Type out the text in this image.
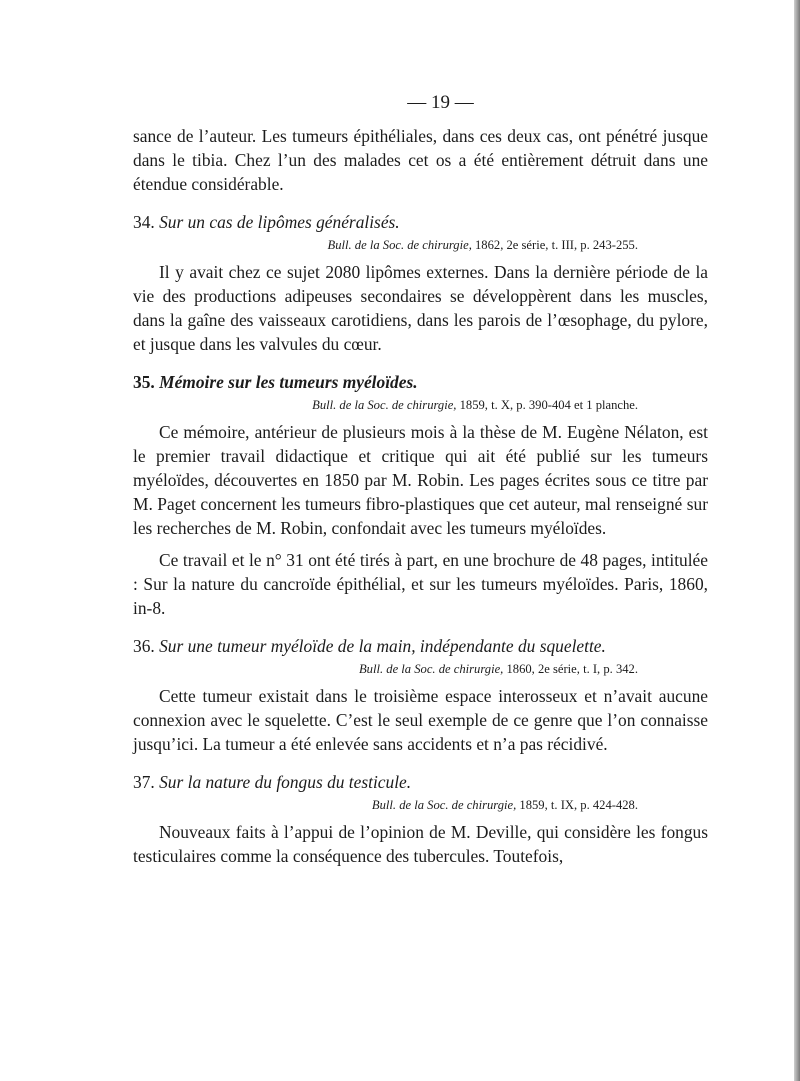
— 19 —

sance de l’auteur. Les tumeurs épithéliales, dans ces deux cas, ont pénétré jusque dans le tibia. Chez l’un des malades cet os a été entièrement détruit dans une étendue considérable.

34. Sur un cas de lipômes généralisés.
Bull. de la Soc. de chirurgie, 1862, 2e série, t. III, p. 243-255.

Il y avait chez ce sujet 2080 lipômes externes. Dans la dernière période de la vie des productions adipeuses secondaires se développèrent dans les muscles, dans la gaîne des vaisseaux carotidiens, dans les parois de l’œsophage, du pylore, et jusque dans les valvules du cœur.

35. Mémoire sur les tumeurs myéloïdes.
Bull. de la Soc. de chirurgie, 1859, t. X, p. 390-404 et 1 planche.

Ce mémoire, antérieur de plusieurs mois à la thèse de M. Eugène Nélaton, est le premier travail didactique et critique qui ait été publié sur les tumeurs myéloïdes, découvertes en 1850 par M. Robin. Les pages écrites sous ce titre par M. Paget concernent les tumeurs fibro-plastiques que cet auteur, mal renseigné sur les recherches de M. Robin, confondait avec les tumeurs myéloïdes.

Ce travail et le n° 31 ont été tirés à part, en une brochure de 48 pages, intitulée : Sur la nature du cancroïde épithélial, et sur les tumeurs myéloïdes. Paris, 1860, in-8.

36. Sur une tumeur myéloïde de la main, indépendante du squelette.
Bull. de la Soc. de chirurgie, 1860, 2e série, t. I, p. 342.

Cette tumeur existait dans le troisième espace interosseux et n’avait aucune connexion avec le squelette. C’est le seul exemple de ce genre que l’on connaisse jusqu’ici. La tumeur a été enlevée sans accidents et n’a pas récidivé.

37. Sur la nature du fongus du testicule.
Bull. de la Soc. de chirurgie, 1859, t. IX, p. 424-428.

Nouveaux faits à l’appui de l’opinion de M. Deville, qui considère les fongus testiculaires comme la conséquence des tubercules. Toutefois,
